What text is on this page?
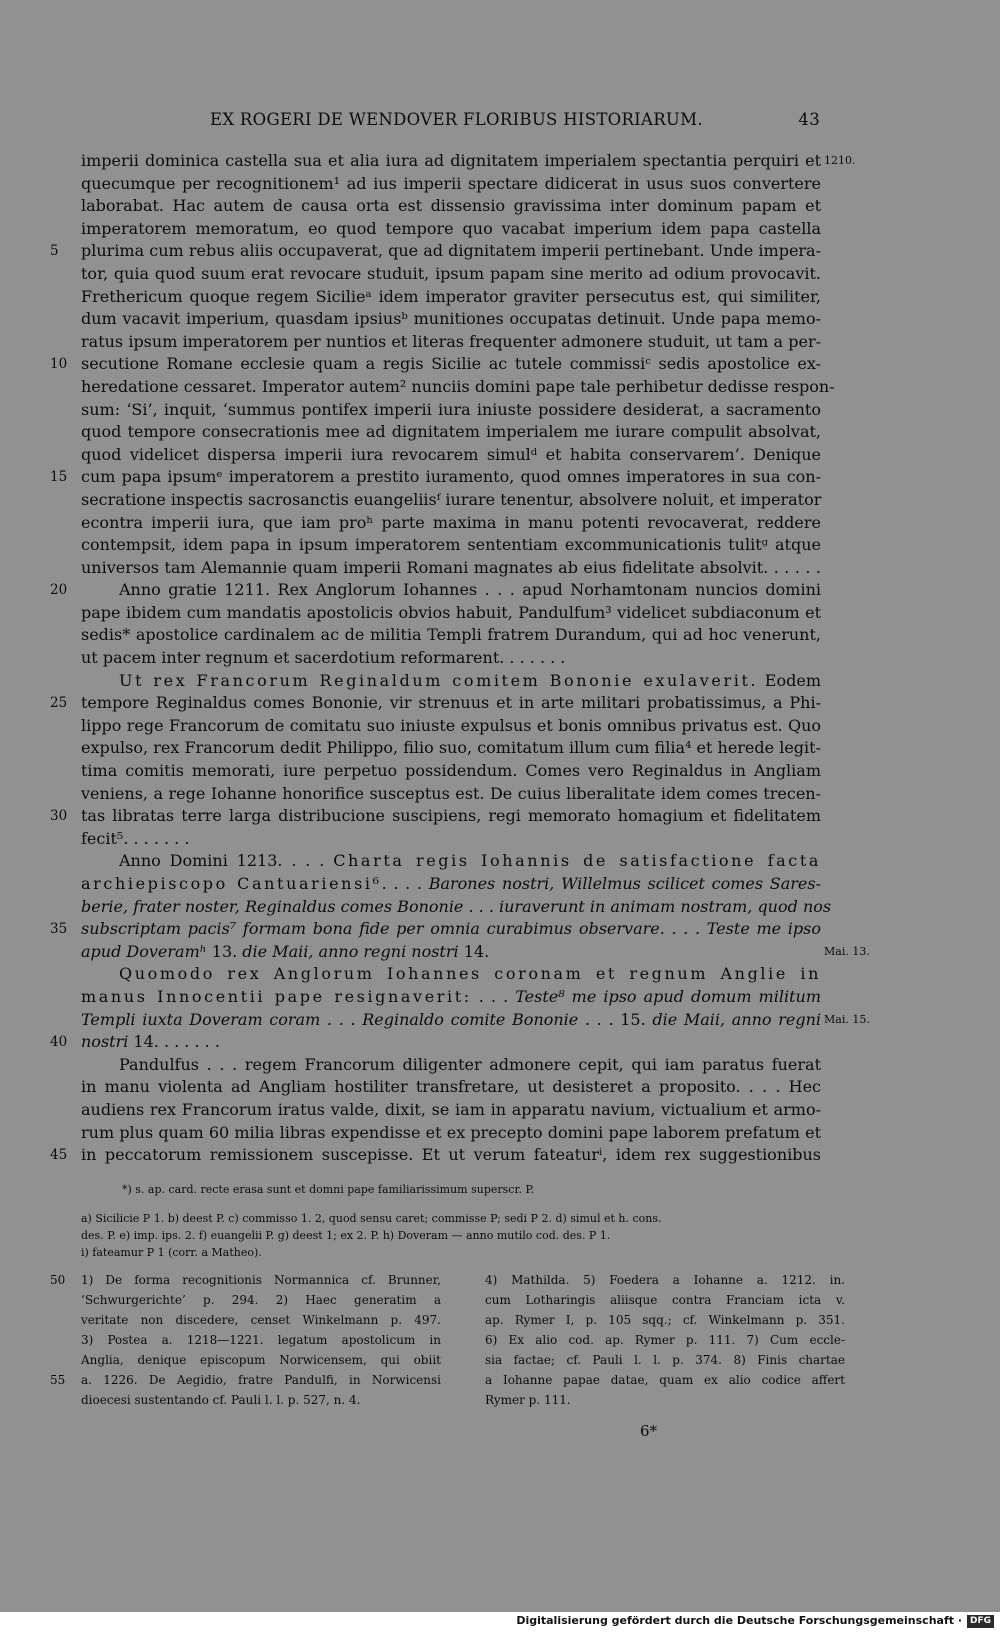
EX ROGERI DE WENDOVER FLORIBUS HISTORIARUM.	43
imperii dominica castella sua et alia iura ad dignitatem imperialem spectantia perquiri et 1210.
quecumque per recognitionem¹ ad ius imperii spectare didicerat in usus suos convertere
laborabat. Hac autem de causa orta est dissensio gravissima inter dominum papam et
imperatorem memoratum, eo quod tempore quo vacabat imperium idem papa castella
5	plurima cum rebus aliis occupaverat, que ad dignitatem imperii pertinebant. Unde impera-
tor, quia quod suum erat revocare studuit, ipsum papam sine merito ad odium provocavit.
Frethericum quoque regem Sicilieᵃ idem imperator graviter persecutus est, qui similiter,
dum vacavit imperium, quasdam ipsiusᵇ munitiones occupatas detinuit. Unde papa memo-
ratus ipsum imperatorem per nuntios et literas frequenter admonere studuit, ut tam a per-
10 secutione Romane ecclesie quam a regis Sicilie ac tutele commissiᶜ sedis apostolice ex-
heredatione cessaret. Imperator autem² nunciis domini pape tale perhibetur dedisse respon-
sum: ‘Si’, inquit, ‘summus pontifex imperii iura iniuste possidere desiderat, a sacramento
quod tempore consecrationis mee ad dignitatem imperialem me iurare compulit absolvat,
quod videlicet dispersa imperii iura revocarem simulᵈ et habita conservarem’. Denique
15 cum papa ipsumᵉ imperatorem a prestito iuramento, quod omnes imperatores in sua con-
secratione inspectis sacrosanctis euangeliisᶠ iurare tenentur, absolvere noluit, et imperator
econtra imperii iura, que iam proʰ parte maxima in manu potenti revocaverat, reddere
contempsit, idem papa in ipsum imperatorem sententiam excommunicationis tulitᵍ atque
universos tam Alemannie quam imperii Romani magnates ab eius fidelitate absolvit. . . . . .
20	Anno gratie 1211. Rex Anglorum Iohannes . . . apud Norhamtonam nuncios domini
pape ibidem cum mandatis apostolicis obvios habuit, Pandulfum³ videlicet subdiaconum et
sedis* apostolice cardinalem ac de militia Templi fratrem Durandum, qui ad hoc venerunt,
ut pacem inter regnum et sacerdotium reformarent. . . . . . .
Ut rex Francorum Reginaldum comitem Bononie exulaverit. Eodem
25 tempore Reginaldus comes Bononie, vir strenuus et in arte militari probatissimus, a Phi-
lippo rege Francorum de comitatu suo iniuste expulsus et bonis omnibus privatus est. Quo
expulso, rex Francorum dedit Philippo, filio suo, comitatum illum cum filia⁴ et herede legit-
tima comitis memorati, iure perpetuo possidendum. Comes vero Reginaldus in Angliam
veniens, a rege Iohanne honorifice susceptus est. De cuius liberalitate idem comes trecen-
30 tas libratas terre larga distribucione suscipiens, regi memorato homagium et fidelitatem
fecit⁵. . . . . . .
Anno Domini 1213. . . . Charta regis Iohannis de satisfactione facta
archiepiscopo Cantuariensi⁶. . . . Barones nostri, Willelmus scilicet comes Sares-
berie, frater noster, Reginaldus comes Bononie . . . iuraverunt in animam nostram, quod nos
35 subscriptam pacis⁷ formam bona fide per omnia curabimus observare. . . . Teste me ipso
apud Doveramʰ 13. die Maii, anno regni nostri 14.	Mai. 13.
Quomodo rex Anglorum Iohannes coronam et regnum Anglie in
manus Innocentii pape resignaverit: . . . Teste⁸ me ipso apud domum militum
Templi iuxta Doveram coram . . . Reginaldo comite Bononie . . . 15. die Maii, anno regni Mai. 15.
40 nostri 14. . . . . . .
Pandulfus . . . regem Francorum diligenter admonere cepit, qui iam paratus fuerat
in manu violenta ad Angliam hostiliter transfretare, ut desisteret a proposito. . . . Hec
audiens rex Francorum iratus valde, dixit, se iam in apparatu navium, victualium et armo-
rum plus quam 60 milia libras expendisse et ex precepto domini pape laborem prefatum et
45 in peccatorum remissionem suscepisse. Et ut verum fateaturⁱ, idem rex suggestionibus
*) s. ap. card. recte erasa sunt et domni pape familiarissimum superscr. P.
a) Sicilicie P 1. b) deest P. c) commisso 1. 2, quod sensu caret; commisse P; sedi P 2. d) simul et h. cons.
des. P. e) imp. ips. 2. f) euangelii P. g) deest 1; ex 2. P. h) Doveram — anno mutilo cod. des. P 1.
i) fateamur P 1 (corr. a Matheo).
1) De forma recognitionis Normannica cf. Brunner,
50
‘Schwurgerichte’ p. 294. 2) Haec generatim a
veritate non discedere, censet Winkelmann p. 497.
3) Postea a. 1218—1221. legatum apostolicum in
Anglia, denique episcopum Norwicensem, qui obiit
a. 1226. De Aegidio, fratre Pandulfi, in Norwicensi
55
dioecesi sustentando cf. Pauli l. l. p. 527, n. 4.
4) Mathilda. 5) Foedera a Iohanne a. 1212. in.
cum Lotharingis aliisque contra Franciam icta v.
ap. Rymer I, p. 105 sqq.; cf. Winkelmann p. 351.
6) Ex alio cod. ap. Rymer p. 111. 7) Cum eccle-
sia factae; cf. Pauli l. l. p. 374. 8) Finis chartae
a Iohanne papae datae, quam ex alio codice affert
Rymer p. 111.
6*
Digitalisierung gefördert durch die Deutsche Forschungsgemeinschaft · DFG
